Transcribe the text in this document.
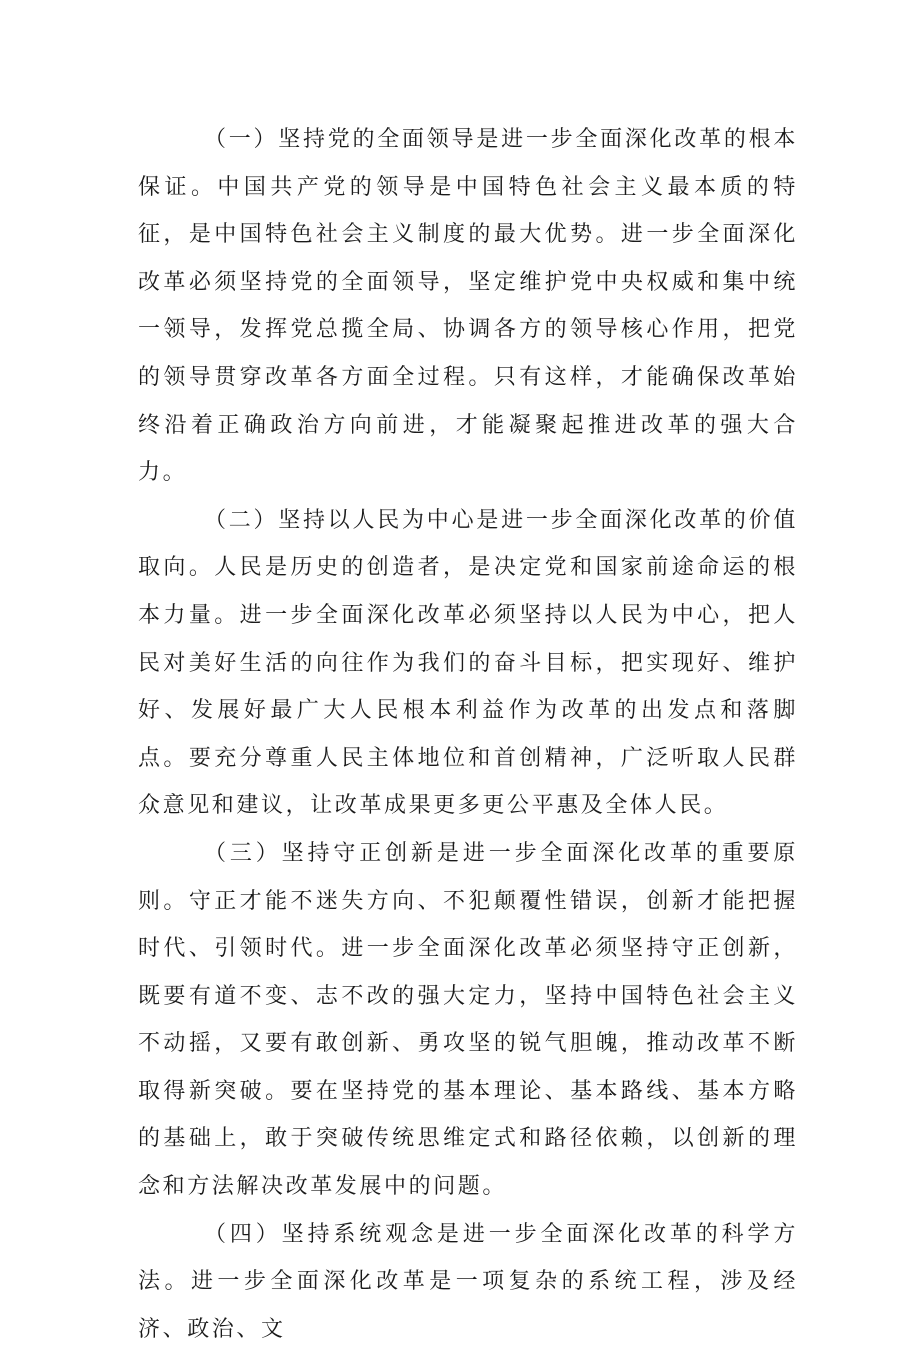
（一）坚持党的全面领导是进一步全面深化改革的根本保证。中国共产党的领导是中国特色社会主义最本质的特征，是中国特色社会主义制度的最大优势。进一步全面深化改革必须坚持党的全面领导，坚定维护党中央权威和集中统一领导，发挥党总揽全局、协调各方的领导核心作用，把党的领导贯穿改革各方面全过程。只有这样，才能确保改革始终沿着正确政治方向前进，才能凝聚起推进改革的强大合力。

（二）坚持以人民为中心是进一步全面深化改革的价值取向。人民是历史的创造者，是决定党和国家前途命运的根本力量。进一步全面深化改革必须坚持以人民为中心，把人民对美好生活的向往作为我们的奋斗目标，把实现好、维护好、发展好最广大人民根本利益作为改革的出发点和落脚点。要充分尊重人民主体地位和首创精神，广泛听取人民群众意见和建议，让改革成果更多更公平惠及全体人民。

（三）坚持守正创新是进一步全面深化改革的重要原则。守正才能不迷失方向、不犯颠覆性错误，创新才能把握时代、引领时代。进一步全面深化改革必须坚持守正创新，既要有道不变、志不改的强大定力，坚持中国特色社会主义不动摇，又要有敢创新、勇攻坚的锐气胆魄，推动改革不断取得新突破。要在坚持党的基本理论、基本路线、基本方略的基础上，敢于突破传统思维定式和路径依赖，以创新的理念和方法解决改革发展中的问题。

（四）坚持系统观念是进一步全面深化改革的科学方法。进一步全面深化改革是一项复杂的系统工程，涉及经济、政治、文
